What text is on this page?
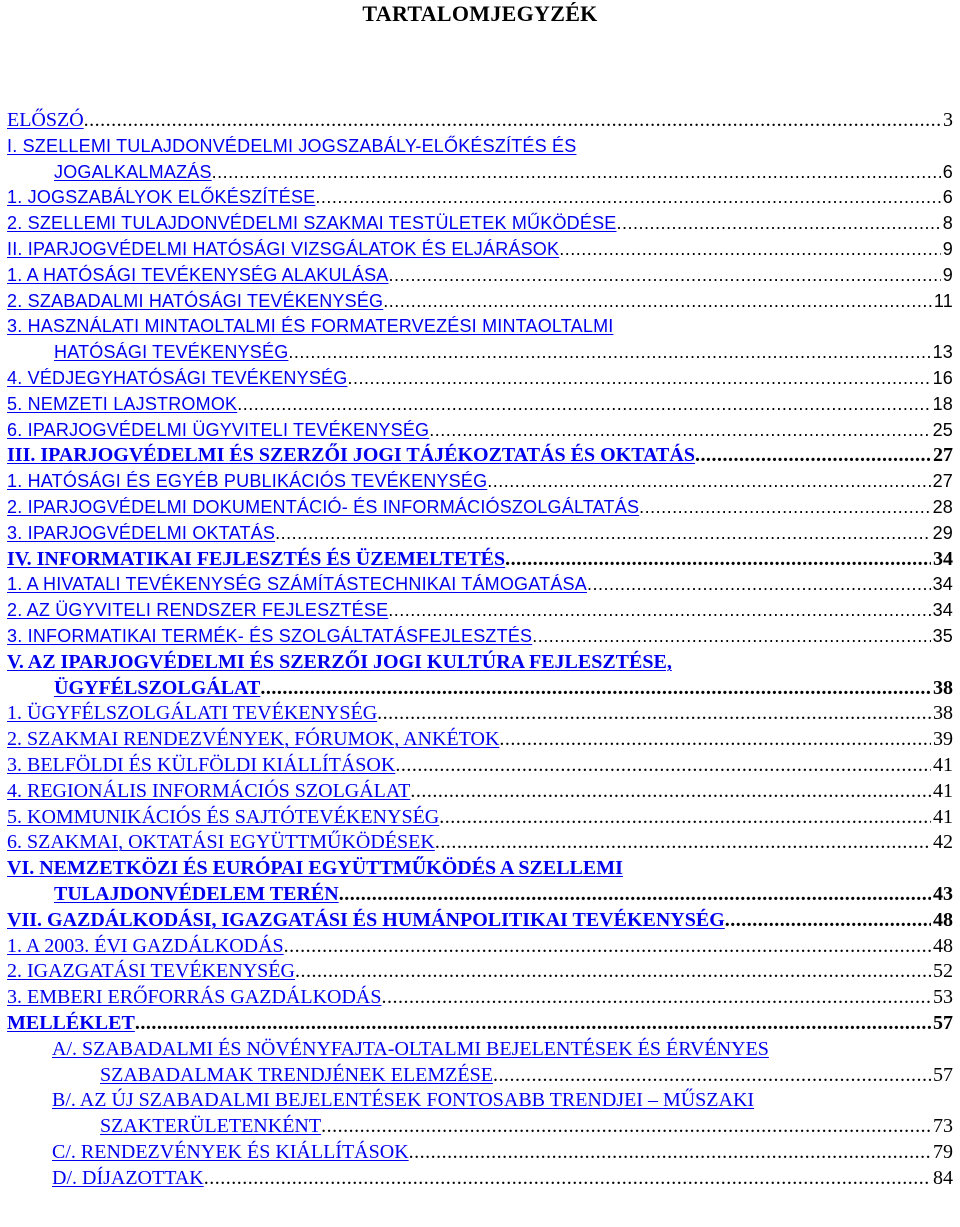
TARTALOMJEGYZÉK
ELŐSZÓ .....	3
I. SZELLEMI TULAJDONVÉDELMI JOGSZABÁLY-ELŐKÉSZÍTÉS ÉS
JOGALKALMAZÁS .....	6
1. JOGSZABÁLYOK ELŐKÉSZÍTÉSE .....	6
2. SZELLEMI TULAJDONVÉDELMI SZAKMAI TESTÜLETEK MŰKÖDÉSE .....	8
II. IPARJOGVÉDELMI HATÓSÁGI VIZSGÁLATOK ÉS ELJÁRÁSOK .....	9
1. A HATÓSÁGI TEVÉKENYSÉG ALAKULÁSA .....	9
2. SZABADALMI HATÓSÁGI TEVÉKENYSÉG .....	11
3. HASZNÁLATI MINTAOLTALMI ÉS FORMATERVEZÉSI MINTAOLTALMI
HATÓSÁGI TEVÉKENYSÉG .....	13
4. VÉDJEGYHATÓSÁGI TEVÉKENYSÉG .....	16
5. NEMZETI LAJSTROMOK .....	18
6. IPARJOGVÉDELMI ÜGYVITELI TEVÉKENYSÉG .....	25
III. IPARJOGVÉDELMI ÉS SZERZŐI JOGI TÁJÉKOZTATÁS ÉS OKTATÁS .....	27
1. HATÓSÁGI ÉS EGYÉB PUBLIKÁCIÓS TEVÉKENYSÉG .....	27
2. IPARJOGVÉDELMI DOKUMENTÁCIÓ- ÉS INFORMÁCIÓSZOLGÁLTATÁS .....	28
3. IPARJOGVÉDELMI OKTATÁS .....	29
IV. INFORMATIKAI FEJLESZTÉS ÉS ÜZEMELTETÉS .....	34
1. A HIVATALI TEVÉKENYSÉG SZÁMÍTÁSTECHNIKAI TÁMOGATÁSA .....	34
2. AZ ÜGYVITELI RENDSZER FEJLESZTÉSE .....	34
3. INFORMATIKAI TERMÉK- ÉS SZOLGÁLTATÁSFEJLESZTÉS .....	35
V. AZ IPARJOGVÉDELMI ÉS SZERZŐI JOGI KULTÚRA FEJLESZTÉSE,
ÜGYFÉLSZOLGÁLAT .....	38
1. ÜGYFÉLSZOLGÁLATI TEVÉKENYSÉG .....	38
2. SZAKMAI RENDEZVÉNYEK, FÓRUMOK, ANKÉTOK .....	39
3. BELFÖLDI ÉS KÜLFÖLDI KIÁLLÍTÁSOK .....	41
4. REGIONÁLIS INFORMÁCIÓS SZOLGÁLAT .....	41
5. KOMMUNIKÁCIÓS ÉS SAJTÓTEVÉKENYSÉG .....	41
6. SZAKMAI, OKTATÁSI EGYÜTTMŰKÖDÉSEK .....	42
VI. NEMZETKÖZI ÉS EURÓPAI EGYÜTTMŰKÖDÉS A SZELLEMI
TULAJDONVÉDELEM TERÉN .....	43
VII. GAZDÁLKODÁSI, IGAZGATÁSI ÉS HUMÁNPOLITIKAI TEVÉKENYSÉG .....	48
1. A 2003. ÉVI GAZDÁLKODÁS .....	48
2. IGAZGATÁSI TEVÉKENYSÉG .....	52
3. EMBERI ERŐFORRÁS GAZDÁLKODÁS .....	53
MELLÉKLET .....	57
A/. SZABADALMI ÉS NÖVÉNYFAJTA-OLTALMI BEJELENTÉSEK ÉS ÉRVÉNYES
SZABADALMAK TRENDJÉNEK ELEMZÉSE .....	57
B/. AZ ÚJ SZABADALMI BEJELENTÉSEK FONTOSABB TRENDJEI – MŰSZAKI
SZAKTERÜLETENKÉNT .....	73
C/. RENDEZVÉNYEK ÉS KIÁLLÍTÁSOK .....	79
D/. DÍJAZOTTAK .....	84
